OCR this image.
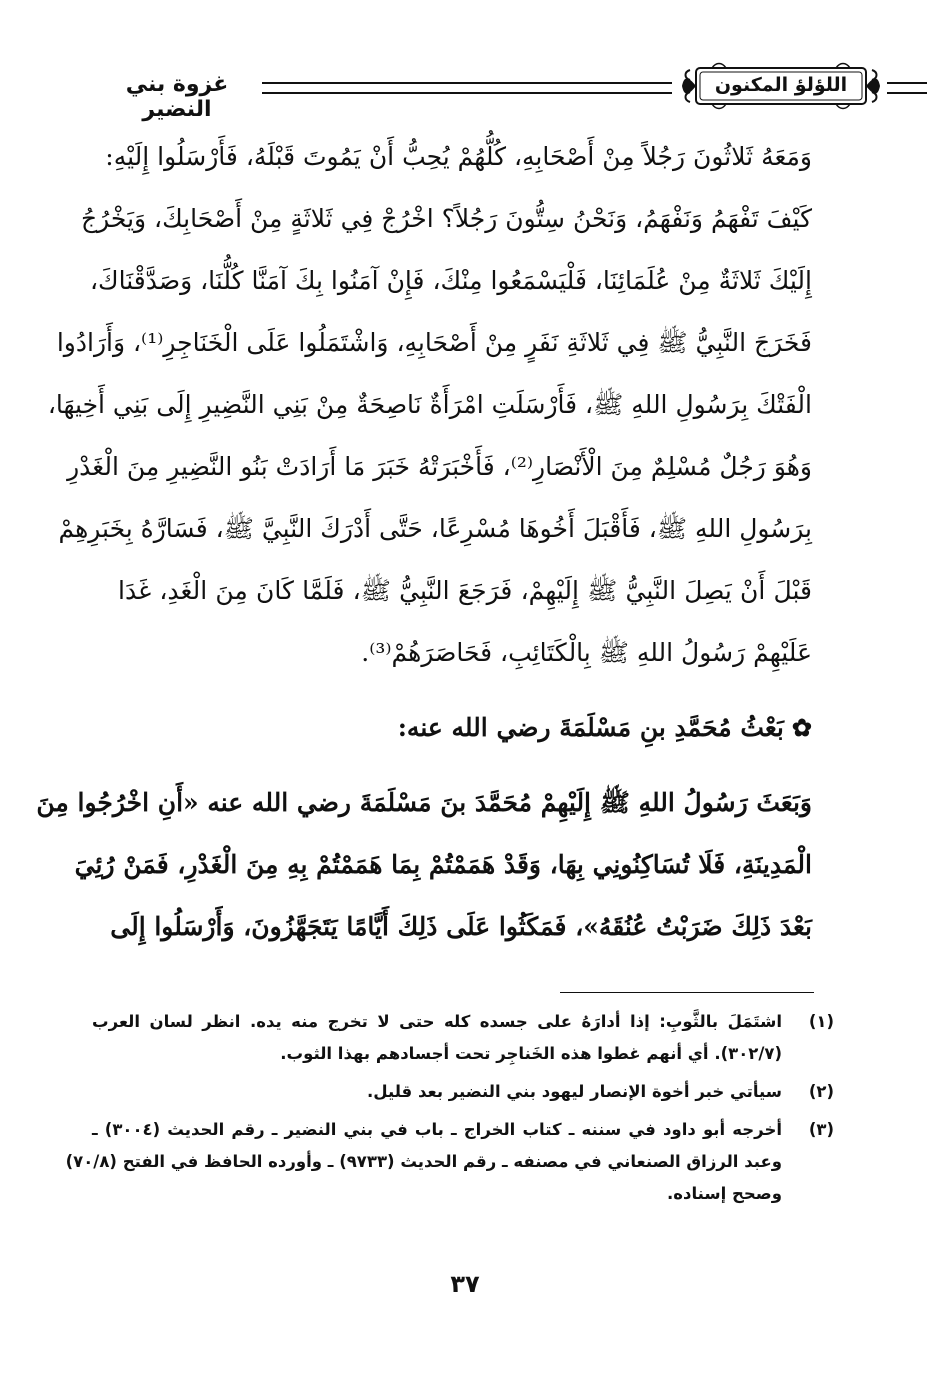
غزوة بني النضير
اللؤلؤ المكنون
وَمَعَهُ ثَلاثُونَ رَجُلاً مِنْ أَصْحَابِهِ، كُلُّهُمْ يُحِبُّ أَنْ يَمُوتَ قَبْلَهُ، فَأَرْسَلُوا إِلَيْهِ:
كَيْفَ تَفْهَمُ وَنَفْهَمُ، وَنَحْنُ سِتُّونَ رَجُلاً؟ اخْرُجْ فِي ثَلاثَةٍ مِنْ أَصْحَابِكَ، وَيَخْرُجُ
إِلَيْكَ ثَلاثَةٌ مِنْ عُلَمَائِنَا، فَلْيَسْمَعُوا مِنْكَ، فَإِنْ آمَنُوا بِكَ آمَنَّا كُلُّنَا، وَصَدَّقْنَاكَ،
فَخَرَجَ النَّبِيُّ ﷺ فِي ثَلاثَةِ نَفَرٍ مِنْ أَصْحَابِهِ، وَاشْتَمَلُوا عَلَى الْخَنَاجِرِ⁽¹⁾، وَأَرَادُوا
الْفَتْكَ بِرَسُولِ اللهِ ﷺ، فَأَرْسَلَتِ امْرَأَةٌ نَاصِحَةٌ مِنْ بَنِي النَّضِيرِ إِلَى بَنِي أَخِيهَا،
وَهُوَ رَجُلٌ مُسْلِمٌ مِنَ الْأَنْصَارِ⁽²⁾، فَأَخْبَرَتْهُ خَبَرَ مَا أَرَادَتْ بَنُو النَّضِيرِ مِنَ الْغَدْرِ
بِرَسُولِ اللهِ ﷺ، فَأَقْبَلَ أَخُوهَا مُسْرِعًا، حَتَّى أَدْرَكَ النَّبِيَّ ﷺ، فَسَارَّهُ بِخَبَرِهِمْ
قَبْلَ أَنْ يَصِلَ النَّبِيُّ ﷺ إِلَيْهِمْ، فَرَجَعَ النَّبِيُّ ﷺ، فَلَمَّا كَانَ مِنَ الْغَدِ، غَدَا
عَلَيْهِمْ رَسُولُ اللهِ ﷺ بِالْكَتَائِبِ، فَحَاصَرَهُمْ⁽³⁾.
✿بَعْثُ مُحَمَّدِ بنِ مَسْلَمَةَ رضي الله عنه:
وَبَعَثَ رَسُولُ اللهِ ﷺ إِلَيْهِمْ مُحَمَّدَ بنَ مَسْلَمَةَ رضي الله عنه «أَنِ اخْرُجُوا مِنَ
الْمَدِينَةِ، فَلَا تُسَاكِنُونِي بِهَا، وَقَدْ هَمَمْتُمْ بِمَا هَمَمْتُمْ بِهِ مِنَ الْغَدْرِ، فَمَنْ رُئِيَ
بَعْدَ ذَلِكَ ضَرَبْتُ عُنُقَهُ»، فَمَكَثُوا عَلَى ذَلِكَ أَيَّامًا يَتَجَهَّزُونَ، وَأَرْسَلُوا إِلَى
(١)
اشتَمَلَ بالثَّوبِ: إذا أدارَهُ على جسده كله حتى لا تخرج منه يده. انظر لسان العرب
(٣٠٢/٧). أي أنهم غطوا هذه الخَناجِر تحت أجسادهم بهذا الثوب.
(٢)
سيأتي خبر أخوة الإنصار ليهود بني النضير بعد قليل.
(٣)
أخرجه أبو داود في سننه ـ كتاب الخراج ـ باب في بني النضير ـ رقم الحديث (٣٠٠٤) ـ
وعبد الرزاق الصنعاني في مصنفه ـ رقم الحديث (٩٧٣٣) ـ وأورده الحافظ في الفتح (٧٠/٨)
وصحح إسناده.
٣٧
